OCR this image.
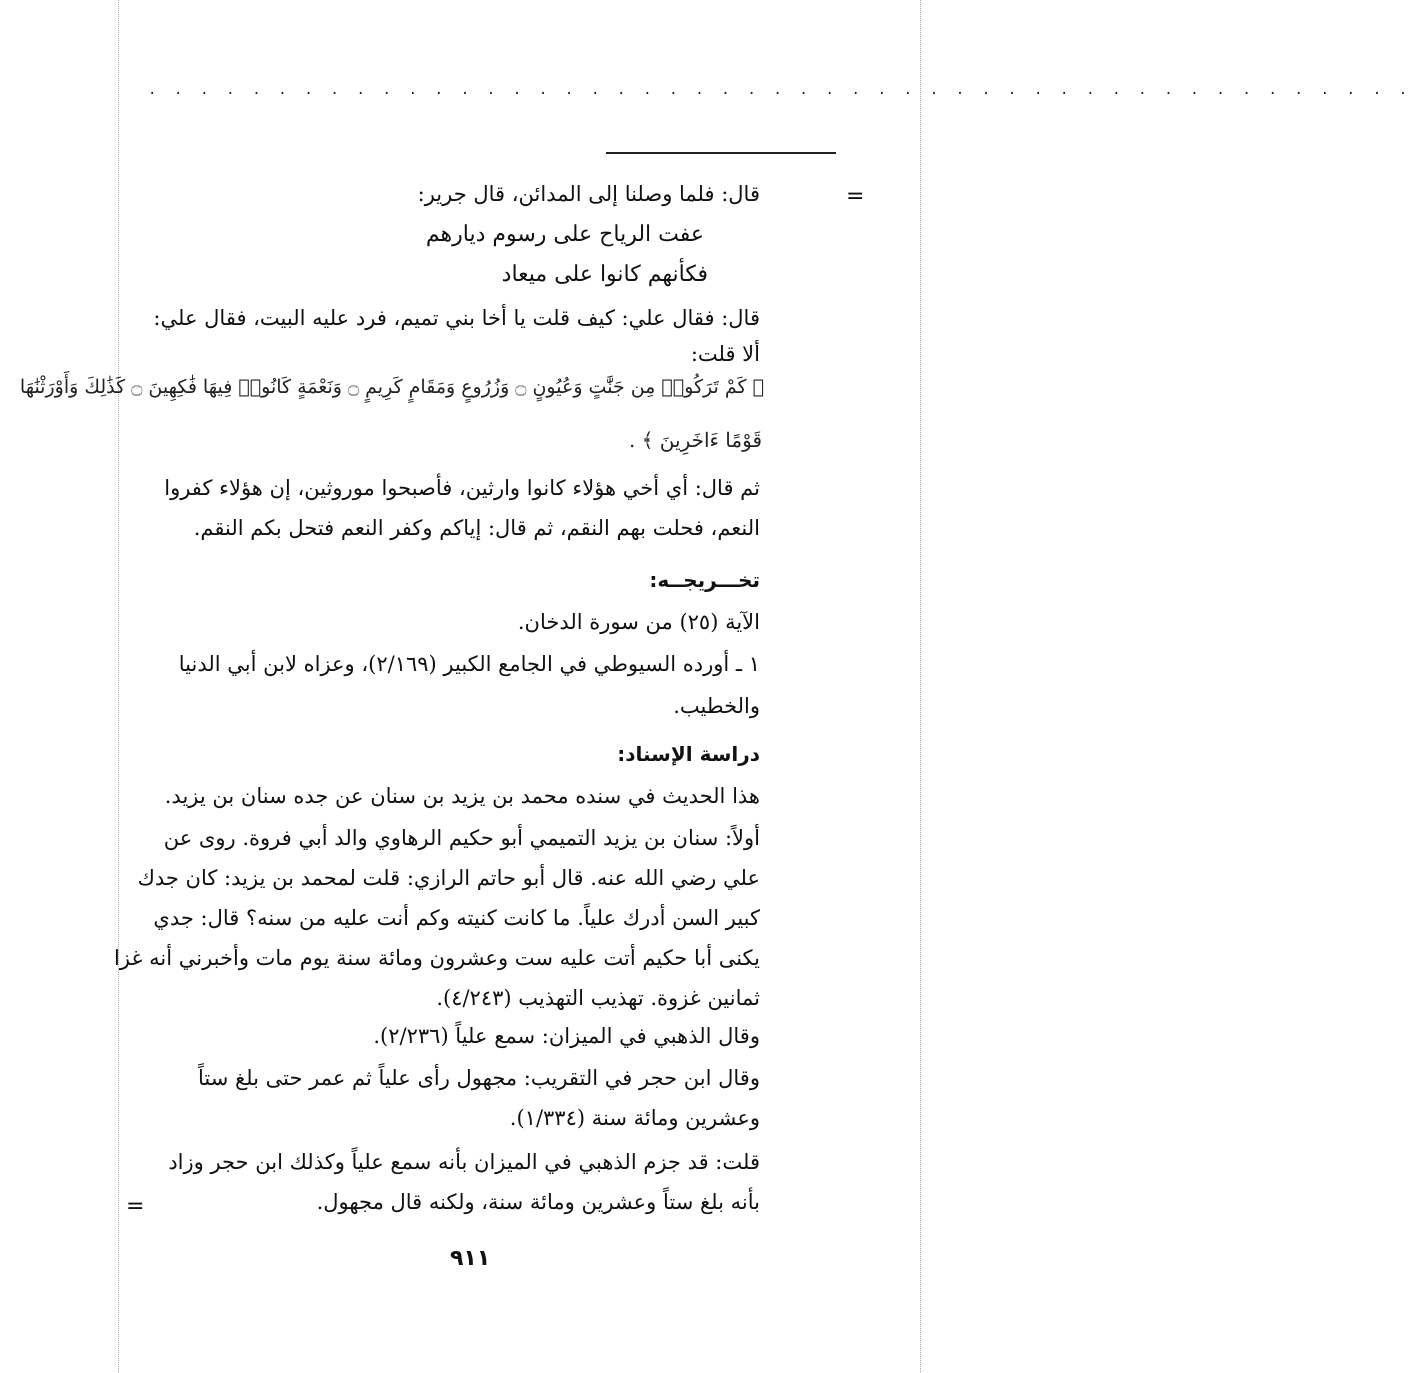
. . . . . . . . . . . . . . . . . . . . . . . . . . . . . . . . . . . . . . . . . . . . . . . . .
=
=
قال: فلما وصلنا إلى المدائن، قال جرير:
عفت الرياح على رسوم ديارهم
فكأنهم كانوا على ميعاد
قال: فقال علي: كيف قلت يا أخا بني تميم، فرد عليه البيت، فقال علي:
ألا قلت:
﴿ كَمْ تَرَكُوا۟ مِن جَنَّٰتٍ وَعُيُونٍ ۝ وَزُرُوعٍ وَمَقَامٍ كَرِيمٍ ۝ وَنَعْمَةٍ كَانُوا۟ فِيهَا فَٰكِهِينَ ۝ كَذَٰلِكَ وَأَوْرَثْنَٰهَا
قَوْمًا ءَاخَرِينَ ﴾ .
ثم قال: أي أخي هؤلاء كانوا وارثين، فأصبحوا موروثين، إن هؤلاء كفروا
النعم، فحلت بهم النقم، ثم قال: إياكم وكفر النعم فتحل بكم النقم.
تخـــريجــه:
الآية (٢٥) من سورة الدخان.
١ ـ أورده السيوطي في الجامع الكبير (٢/١٦٩)، وعزاه لابن أبي الدنيا
والخطيب.
دراسة الإسناد:
هذا الحديث في سنده محمد بن يزيد بن سنان عن جده سنان بن يزيد.
أولاً: سنان بن يزيد التميمي أبو حكيم الرهاوي والد أبي فروة. روى عن
علي رضي الله عنه. قال أبو حاتم الرازي: قلت لمحمد بن يزيد: كان جدك
كبير السن أدرك علياً. ما كانت كنيته وكم أنت عليه من سنه؟ قال: جدي
يكنى أبا حكيم أتت عليه ست وعشرون ومائة سنة يوم مات وأخبرني أنه غزا
ثمانين غزوة. تهذيب التهذيب (٤/٢٤٣).
وقال الذهبي في الميزان: سمع علياً (٢/٢٣٦).
وقال ابن حجر في التقريب: مجهول رأى علياً ثم عمر حتى بلغ ستاً
وعشرين ومائة سنة (١/٣٣٤).
قلت: قد جزم الذهبي في الميزان بأنه سمع علياً وكذلك ابن حجر وزاد
بأنه بلغ ستاً وعشرين ومائة سنة، ولكنه قال مجهول.
٩١١
